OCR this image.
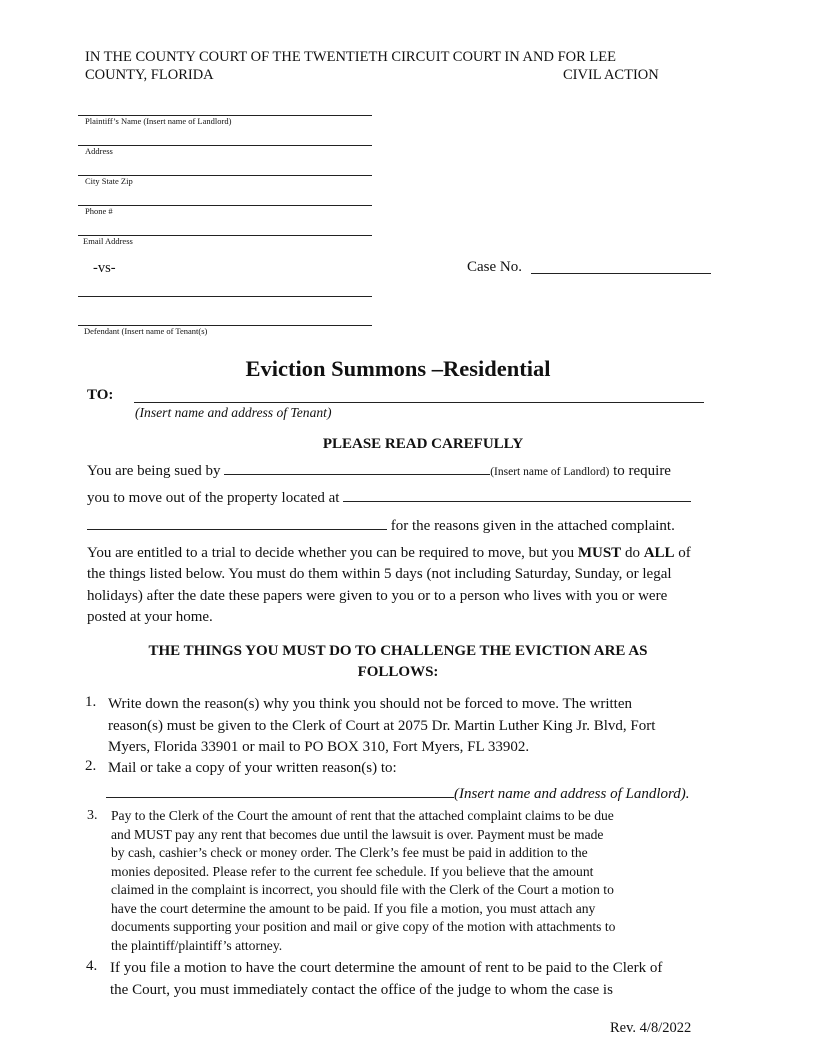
IN THE COUNTY COURT OF THE TWENTIETH CIRCUIT COURT IN AND FOR LEE
COUNTY, FLORIDA	CIVIL ACTION
Plaintiff’s Name (Insert name of Landlord)
Address
City State Zip
Phone #
Email Address
-vs-
Defendant (Insert name of Tenant(s)
Case No.
Eviction Summons –Residential
TO:
(Insert name and address of Tenant)
PLEASE READ CAREFULLY
You are being sued by	(Insert name of Landlord) to require
you to move out of the property located at
for the reasons given in the attached complaint.
You are entitled to a trial to decide whether you can be required to move, but you MUST do ALL of the things listed below. You must do them within 5 days (not including Saturday, Sunday, or legal holidays) after the date these papers were given to you or to a person who lives with you or were posted at your home.
THE THINGS YOU MUST DO TO CHALLENGE THE EVICTION ARE AS
FOLLOWS:
1. Write down the reason(s) why you think you should not be forced to move. The written
reason(s) must be given to the Clerk of Court at 2075 Dr. Martin Luther King Jr. Blvd, Fort
Myers, Florida 33901 or mail to PO BOX 310, Fort Myers, FL 33902.
2. Mail or take a copy of your written reason(s) to:
(Insert name and address of Landlord).
3. Pay to the Clerk of the Court the amount of rent that the attached complaint claims to be due
and MUST pay any rent that becomes due until the lawsuit is over. Payment must be made
by cash, cashier’s check or money order. The Clerk’s fee must be paid in addition to the
monies deposited. Please refer to the current fee schedule. If you believe that the amount
claimed in the complaint is incorrect, you should file with the Clerk of the Court a motion to
have the court determine the amount to be paid. If you file a motion, you must attach any
documents supporting your position and mail or give copy of the motion with attachments to
the plaintiff/plaintiff’s attorney.
4. If you file a motion to have the court determine the amount of rent to be paid to the Clerk of
the Court, you must immediately contact the office of the judge to whom the case is
Rev. 4/8/2022
